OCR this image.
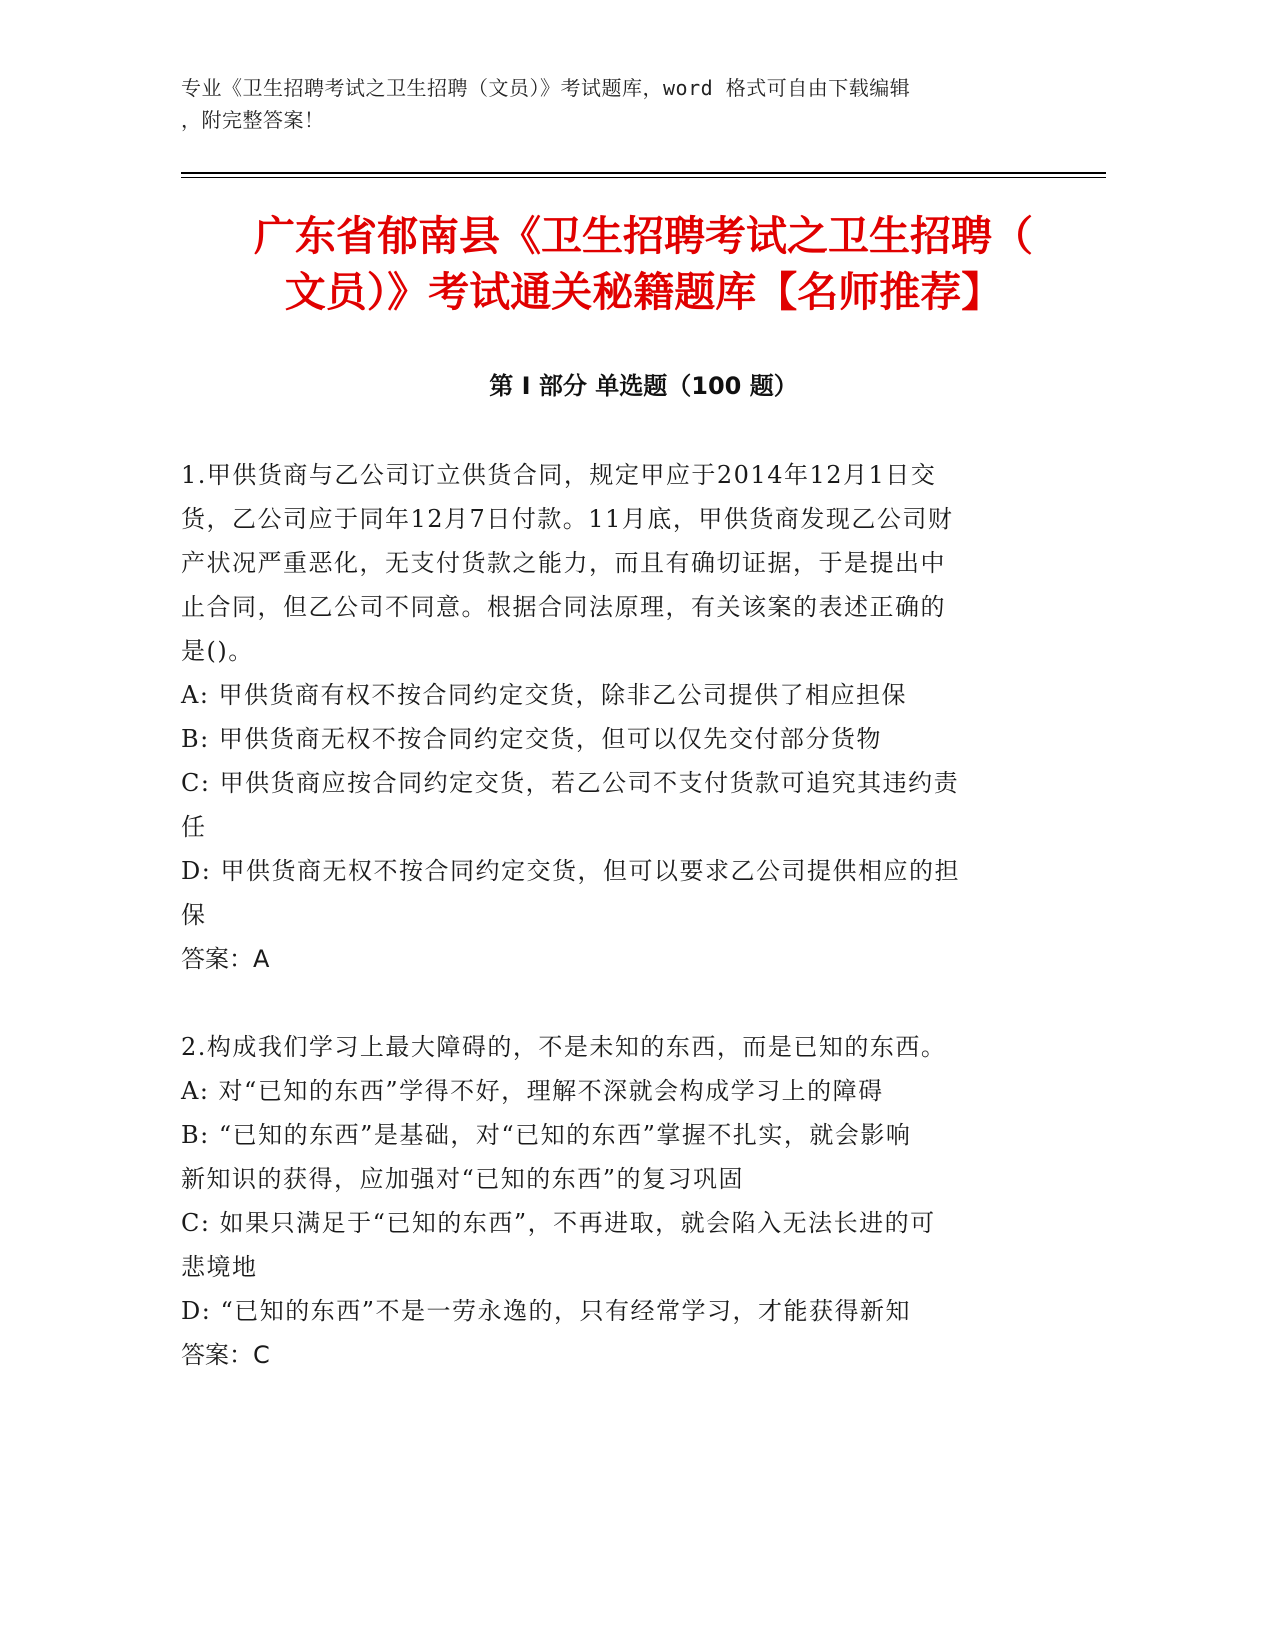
专业《卫生招聘考试之卫生招聘（文员）》考试题库，word 格式可自由下载编辑
，附完整答案！
广东省郁南县《卫生招聘考试之卫生招聘（
文员）》考试通关秘籍题库【名师推荐】
第 I 部分 单选题（100 题）

1.甲供货商与乙公司订立供货合同，规定甲应于2014年12月1日交

货，乙公司应于同年12月7日付款。11月底，甲供货商发现乙公司财

产状况严重恶化，无支付货款之能力，而且有确切证据，于是提出中

止合同，但乙公司不同意。根据合同法原理，有关该案的表述正确的

是()。

A: 甲供货商有权不按合同约定交货，除非乙公司提供了相应担保

B: 甲供货商无权不按合同约定交货，但可以仅先交付部分货物

C: 甲供货商应按合同约定交货，若乙公司不支付货款可追究其违约责

任

D: 甲供货商无权不按合同约定交货，但可以要求乙公司提供相应的担

保

答案：A

2.构成我们学习上最大障碍的，不是未知的东西，而是已知的东西。

A: 对“已知的东西”学得不好，理解不深就会构成学习上的障碍

B: “已知的东西”是基础，对“已知的东西”掌握不扎实，就会影响

新知识的获得，应加强对“已知的东西”的复习巩固

C: 如果只满足于“已知的东西”，不再进取，就会陷入无法长进的可

悲境地

D: “已知的东西”不是一劳永逸的，只有经常学习，才能获得新知

答案：C
